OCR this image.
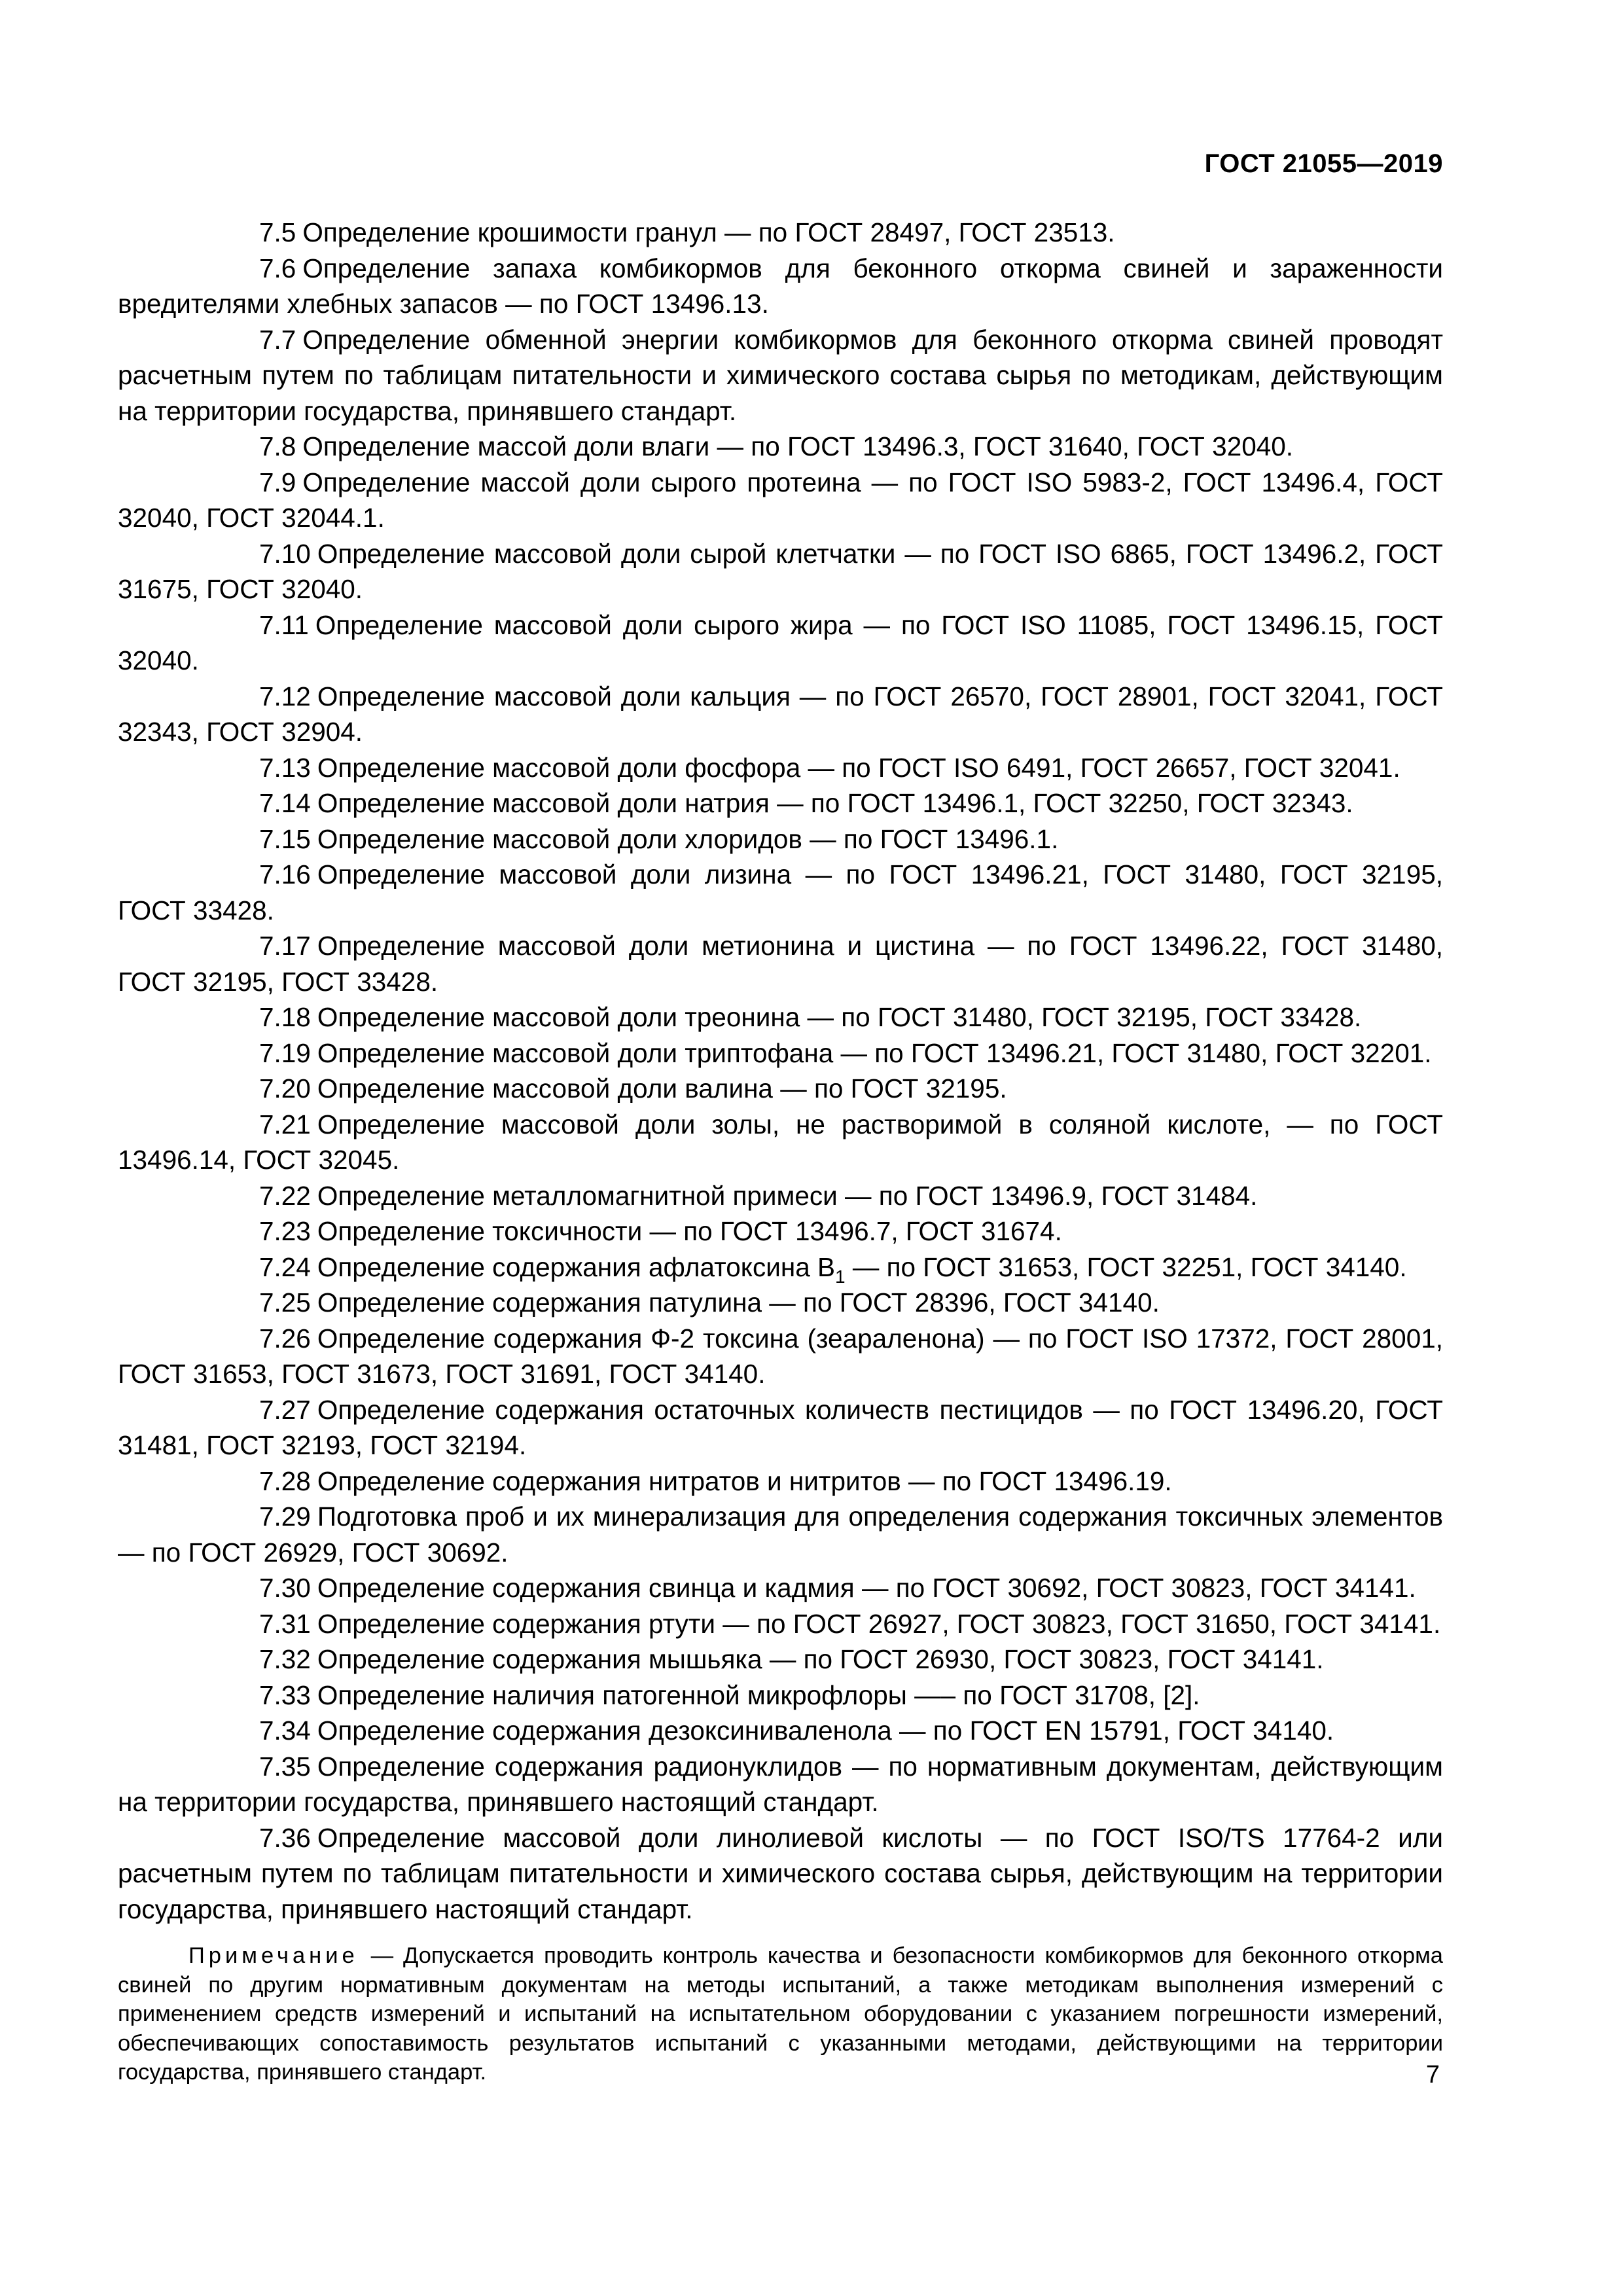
ГОСТ 21055—2019

7.5 Определение крошимости гранул — по ГОСТ 28497, ГОСТ 23513.

7.6 Определение запаха комбикормов для беконного откорма свиней и зараженности вредителями хлебных запасов — по ГОСТ 13496.13.

7.7 Определение обменной энергии комбикормов для беконного откорма свиней проводят расчетным путем по таблицам питательности и химического состава сырья по методикам, действующим на территории государства, принявшего стандарт.

7.8 Определение массой доли влаги — по ГОСТ 13496.3, ГОСТ 31640, ГОСТ 32040.

7.9 Определение массой доли сырого протеина — по ГОСТ ISO 5983-2, ГОСТ 13496.4, ГОСТ 32040, ГОСТ 32044.1.

7.10 Определение массовой доли сырой клетчатки — по ГОСТ ISO 6865, ГОСТ 13496.2, ГОСТ 31675, ГОСТ 32040.

7.11 Определение массовой доли сырого жира — по ГОСТ ISO 11085, ГОСТ 13496.15, ГОСТ 32040.

7.12 Определение массовой доли кальция — по ГОСТ 26570, ГОСТ 28901, ГОСТ 32041, ГОСТ 32343, ГОСТ 32904.

7.13 Определение массовой доли фосфора — по ГОСТ ISO 6491, ГОСТ 26657, ГОСТ 32041.

7.14 Определение массовой доли натрия — по ГОСТ 13496.1, ГОСТ 32250, ГОСТ 32343.

7.15 Определение массовой доли хлоридов — по ГОСТ 13496.1.

7.16 Определение массовой доли лизина — по ГОСТ 13496.21, ГОСТ 31480, ГОСТ 32195, ГОСТ 33428.

7.17 Определение массовой доли метионина и цистина — по ГОСТ 13496.22, ГОСТ 31480, ГОСТ 32195, ГОСТ 33428.

7.18 Определение массовой доли треонина — по ГОСТ 31480, ГОСТ 32195, ГОСТ 33428.

7.19 Определение массовой доли триптофана — по ГОСТ 13496.21, ГОСТ 31480, ГОСТ 32201.

7.20 Определение массовой доли валина — по ГОСТ 32195.

7.21 Определение массовой доли золы, не растворимой в соляной кислоте, — по ГОСТ 13496.14, ГОСТ 32045.

7.22 Определение металломагнитной примеси — по ГОСТ 13496.9, ГОСТ 31484.

7.23 Определение токсичности — по ГОСТ 13496.7, ГОСТ 31674.

7.24 Определение содержания афлатоксина $В_1$ — по ГОСТ 31653, ГОСТ 32251, ГОСТ 34140.

7.25 Определение содержания патулина — по ГОСТ 28396, ГОСТ 34140.

7.26 Определение содержания Ф-2 токсина (зеараленона) — по ГОСТ ISO 17372, ГОСТ 28001, ГОСТ 31653, ГОСТ 31673, ГОСТ 31691, ГОСТ 34140.

7.27 Определение содержания остаточных количеств пестицидов — по ГОСТ 13496.20, ГОСТ 31481, ГОСТ 32193, ГОСТ 32194.

7.28 Определение содержания нитратов и нитритов — по ГОСТ 13496.19.

7.29 Подготовка проб и их минерализация для определения содержания токсичных элементов — по ГОСТ 26929, ГОСТ 30692.

7.30 Определение содержания свинца и кадмия — по ГОСТ 30692, ГОСТ 30823, ГОСТ 34141.

7.31 Определение содержания ртути — по ГОСТ 26927, ГОСТ 30823, ГОСТ 31650, ГОСТ 34141.

7.32 Определение содержания мышьяка — по ГОСТ 26930, ГОСТ 30823, ГОСТ 34141.

7.33 Определение наличия патогенной микрофлоры —– по ГОСТ 31708, [2].

7.34 Определение содержания дезоксиниваленола — по ГОСТ EN 15791, ГОСТ 34140.

7.35 Определение содержания радионуклидов — по нормативным документам, действующим на территории государства, принявшего настоящий стандарт.

7.36 Определение массовой доли линолиевой кислоты — по ГОСТ ISO/TS 17764-2 или расчетным путем по таблицам питательности и химического состава сырья, действующим на территории государства, принявшего настоящий стандарт.

Примечание — Допускается проводить контроль качества и безопасности комбикормов для беконного откорма свиней по другим нормативным документам на методы испытаний, а также методикам выполнения измерений с применением средств измерений и испытаний на испытательном оборудовании с указанием погрешности измерений, обеспечивающих сопоставимость результатов испытаний с указанными методами, действующими на территории государства, принявшего стандарт.	7
